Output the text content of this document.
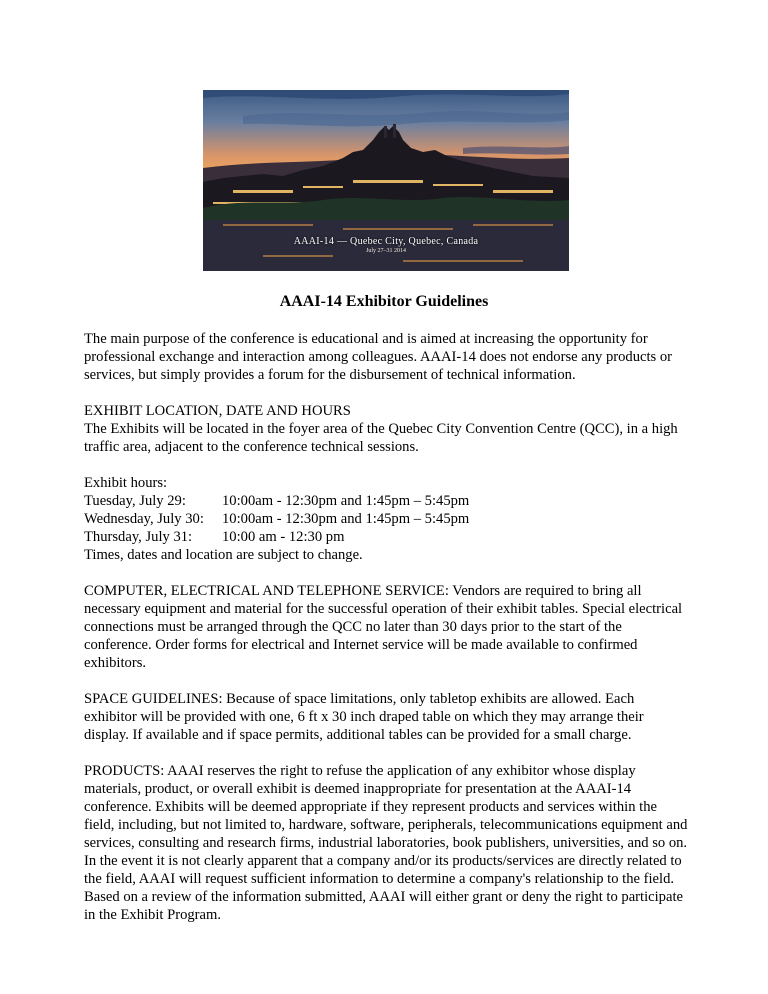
AAAI-14 — Quebec City, Quebec, Canada
July 27–31 2014
AAAI-14 Exhibitor Guidelines

The main purpose of the conference is educational and is aimed at increasing the opportunity for professional exchange and interaction among colleagues. AAAI-14 does not endorse any products or services, but simply provides a forum for the disbursement of technical information.

EXHIBIT LOCATION, DATE AND HOURS
The Exhibits will be located in the foyer area of the Quebec City Convention Centre (QCC), in a high traffic area, adjacent to the conference technical sessions.

Exhibit hours:
Tuesday, July 29: 10:00am - 12:30pm and 1:45pm – 5:45pm
Wednesday, July 30: 10:00am - 12:30pm and 1:45pm – 5:45pm
Thursday, July 31: 10:00 am - 12:30 pm
Times, dates and location are subject to change.

COMPUTER, ELECTRICAL AND TELEPHONE SERVICE: Vendors are required to bring all necessary equipment and material for the successful operation of their exhibit tables. Special electrical connections must be arranged through the QCC no later than 30 days prior to the start of the conference. Order forms for electrical and Internet service will be made available to confirmed exhibitors.

SPACE GUIDELINES: Because of space limitations, only tabletop exhibits are allowed. Each exhibitor will be provided with one, 6 ft x 30 inch draped table on which they may arrange their display. If available and if space permits, additional tables can be provided for a small charge.

PRODUCTS: AAAI reserves the right to refuse the application of any exhibitor whose display materials, product, or overall exhibit is deemed inappropriate for presentation at the AAAI-14 conference. Exhibits will be deemed appropriate if they represent products and services within the field, including, but not limited to, hardware, software, peripherals, telecommunications equipment and services, consulting and research firms, industrial laboratories, book publishers, universities, and so on. In the event it is not clearly apparent that a company and/or its products/services are directly related to the field, AAAI will request sufficient information to determine a company's relationship to the field. Based on a review of the information submitted, AAAI will either grant or deny the right to participate in the Exhibit Program.
